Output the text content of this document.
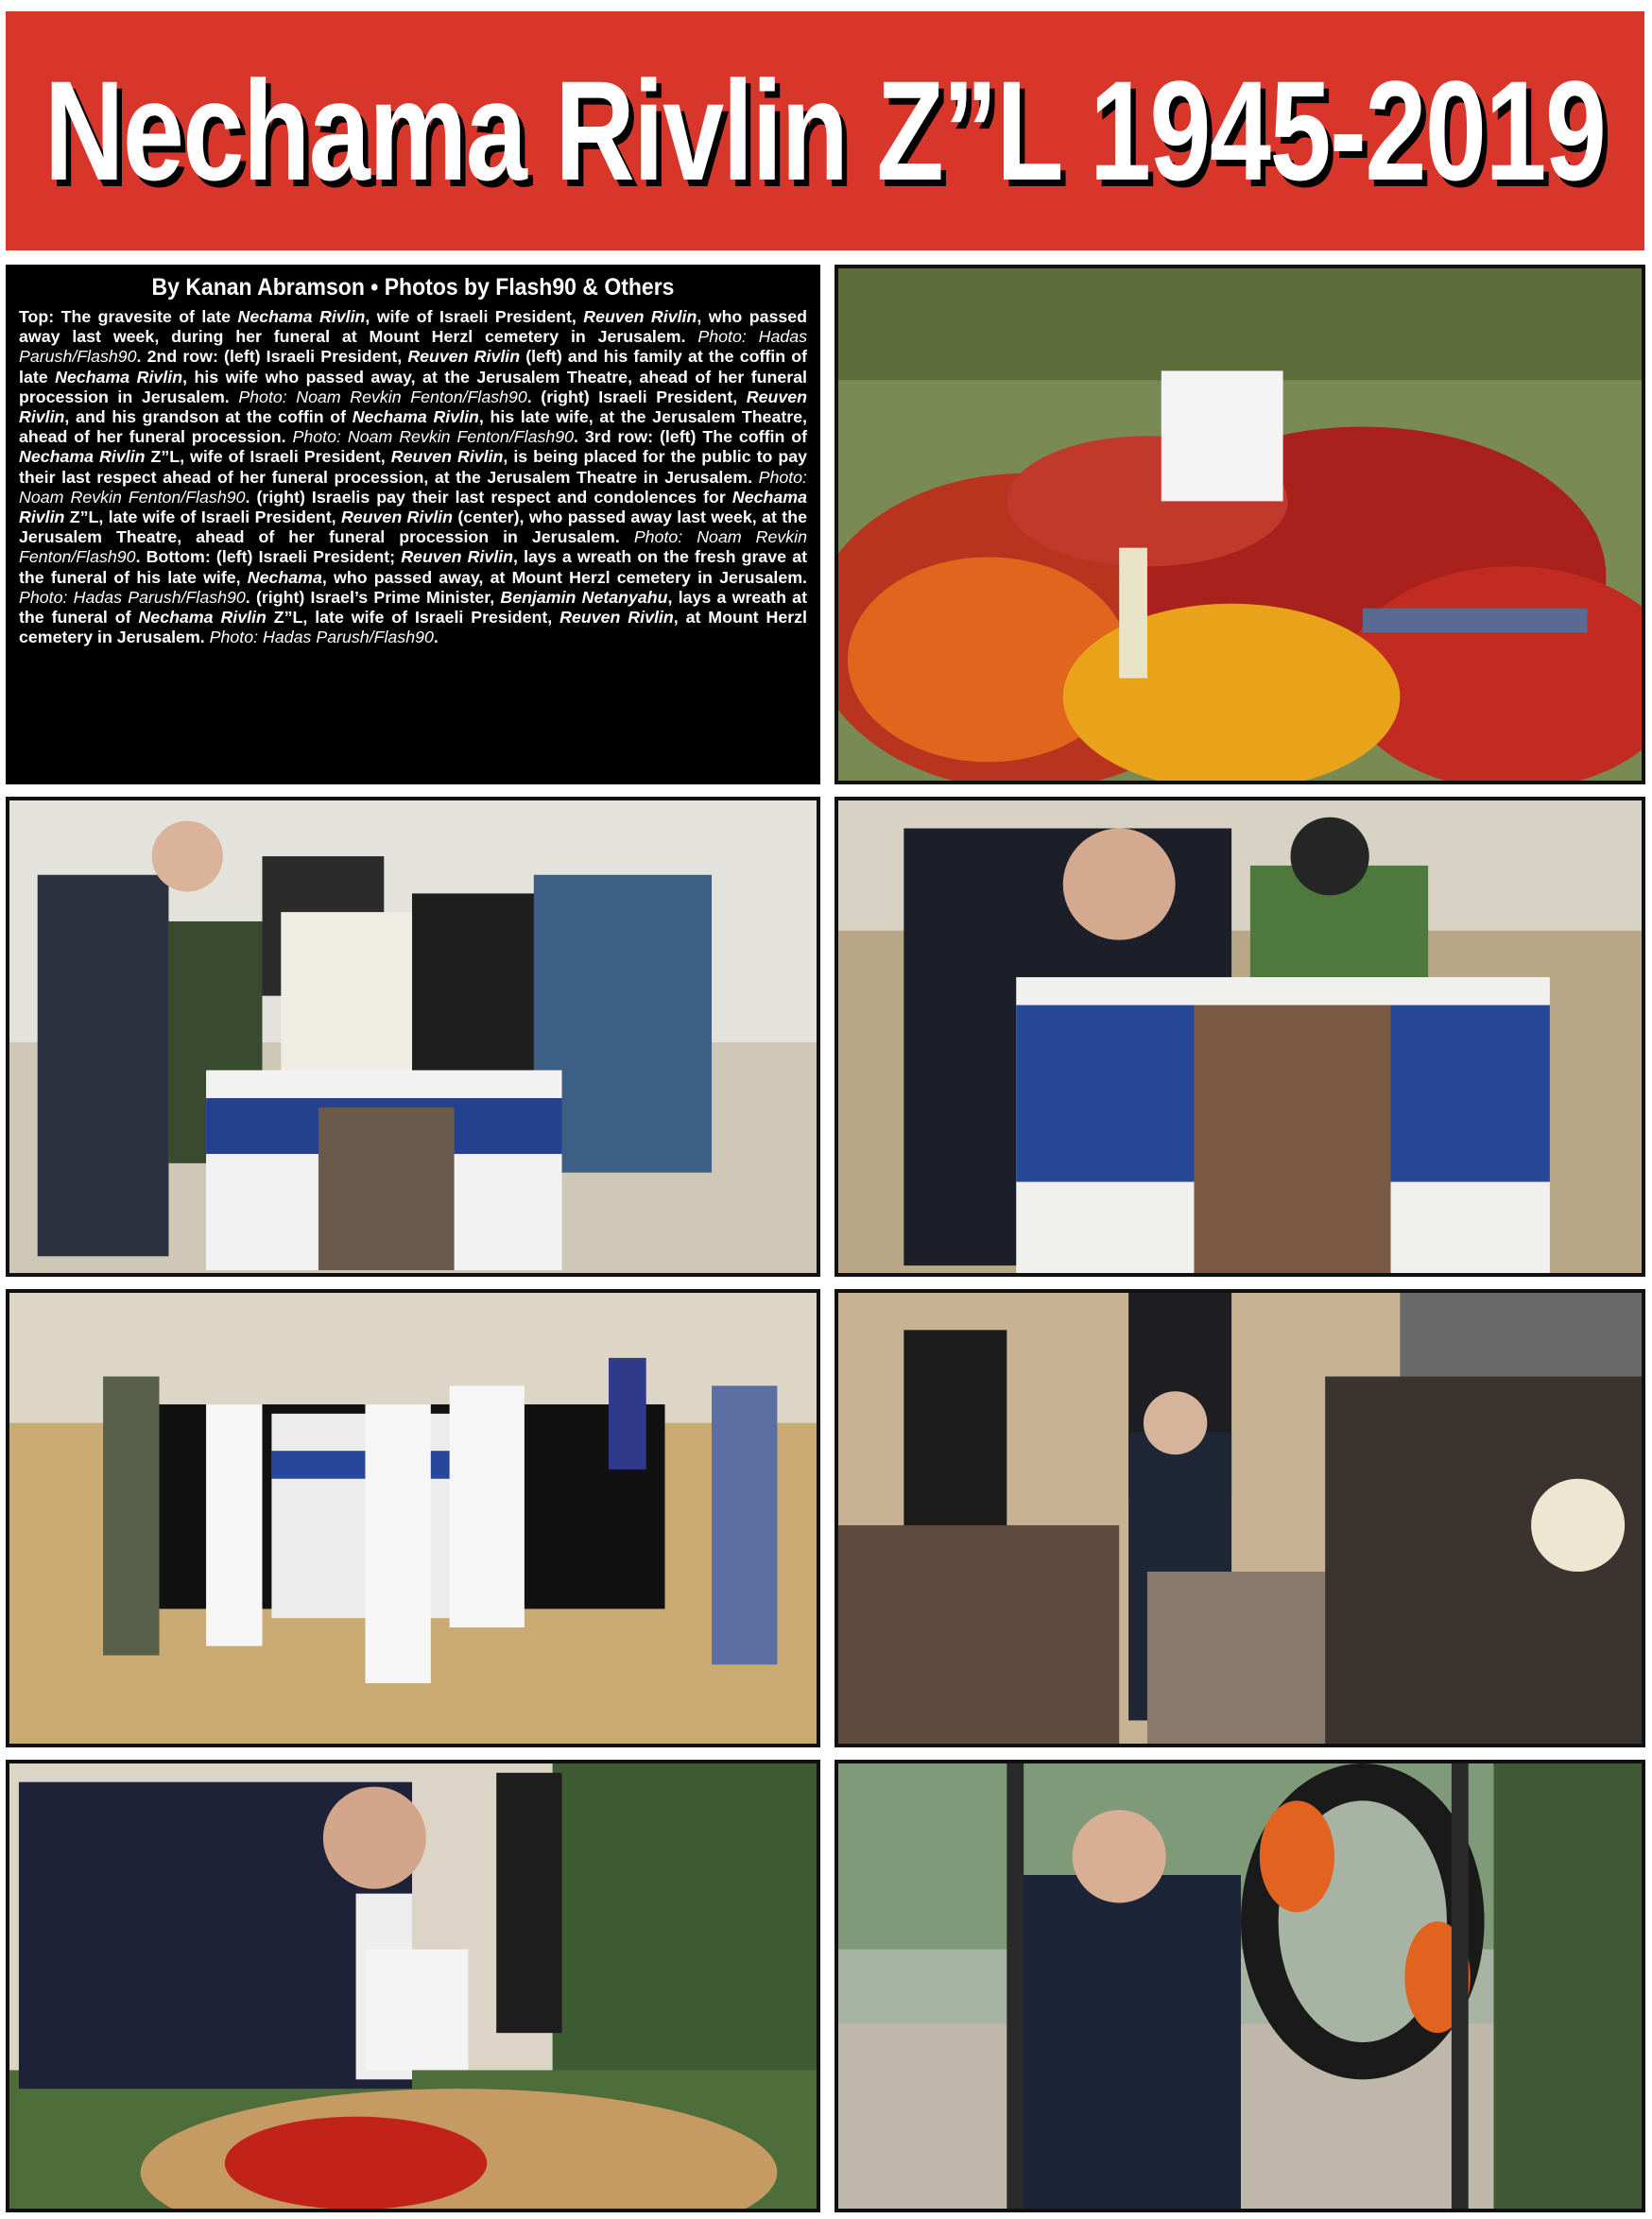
Nechama Rivlin Z”L 1945-2019
By Kanan Abramson • Photos by Flash90 & Others
Top: The gravesite of late Nechama Rivlin, wife of Israeli President, Reuven Rivlin, who passed away last week, during her funeral at Mount Herzl cemetery in Jerusalem. Photo: Hadas Parush/Flash90. 2nd row: (left) Israeli President, Reuven Rivlin (left) and his family at the coffin of late Nechama Rivlin, his wife who passed away, at the Jerusalem Theatre, ahead of her funeral procession in Jerusalem. Photo: Noam Revkin Fenton/Flash90. (right) Israeli President, Reuven Rivlin, and his grandson at the coffin of Nechama Rivlin, his late wife, at the Jerusalem Theatre, ahead of her funeral procession. Photo: Noam Revkin Fenton/Flash90. 3rd row: (left) The coffin of Nechama Rivlin Z”L, wife of Israeli President, Reuven Rivlin, is being placed for the public to pay their last respect ahead of her funeral procession, at the Jerusalem Theatre in Jerusalem. Photo: Noam Revkin Fenton/Flash90. (right) Israelis pay their last respect and condolences for Nechama Rivlin Z”L, late wife of Israeli President, Reuven Rivlin (center), who passed away last week, at the Jerusalem Theatre, ahead of her funeral procession in Jerusalem. Photo: Noam Revkin Fenton/Flash90. Bottom: (left) Israeli President; Reuven Rivlin, lays a wreath on the fresh grave at the funeral of his late wife, Nechama, who passed away, at Mount Herzl cemetery in Jerusalem. Photo: Hadas Parush/Flash90. (right) Israel’s Prime Minister, Benjamin Netanyahu, lays a wreath at the funeral of Nechama Rivlin Z”L, late wife of Israeli President, Reuven Rivlin, at Mount Herzl cemetery in Jerusalem. Photo: Hadas Parush/Flash90.
